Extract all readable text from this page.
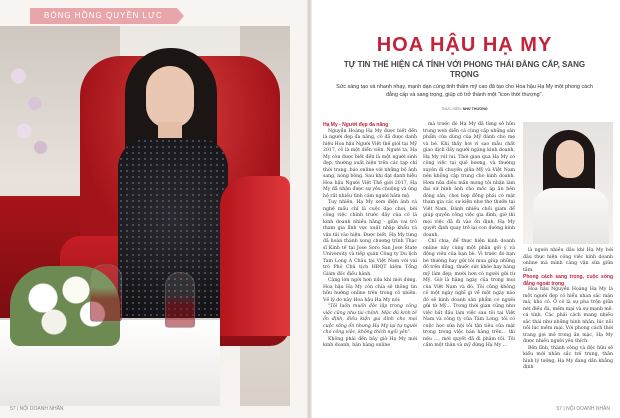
BÓNG HỒNG QUYỀN LỰC
57 | NỘI DOANH NHÂN
HOA HẬU HẠ MY
TỰ TIN THỂ HIỆN CÁ TÍNH VỚI PHONG THÁI ĐẲNG CẤP, SANG TRỌNG
Sức sáng tạo và nhanh nhạy, mạnh dạn cùng tinh thẩm mỹ cao đã tạo cho Hoa hậu Hạ My một phong cách đẳng cấp và sang trọng, giúp cô trở thành một "icon thời thượng".
THỰC HIỆN: NHƯ THƯƠNG
Hạ My - Người đẹp đa năng

Nguyễn Hoàng Hạ My được biết đến là người đẹp đa năng, cô đã được danh hiệu Hoa hậu Người Việt thế giới tại Mỹ 2017, cô là một diễn viên. Người ta, Hạ My còn được biết đến là một người sinh đẹp, thường xuất hiện trên các tạp chí thời trang, báo online với những bộ ảnh sang, nóng bỏng. Sau khi đạt danh hiệu Hoa hậu Người Việt Thế giới 2017, Hạ My đã nhận được sự yêu chuộng và ủng hộ rất nhiều tình cảm người hâm mộ.

Tuy nhiên, Hạ My xem điện ảnh và nghệ mầu chỉ là cuộc dạo chơi, bởi công việc chính trước đây của cô là kinh doanh nhiều hãng - giữa vai trò tham gia lĩnh vực xuất nhập khẩu và vận tải vào hiện. Được biết, Hạ My từng đã hoàn thành xong chương trình Thạc sĩ Kinh tế tại Jose Soro San Jose State University và tiếp quản Công ty Du lịch Tam Long A Châu tại Việt Nam với vai trò Phó Chủ tịch HĐQT kiêm Tổng Giám đốc điều hành.

Càng lớn ngời hơn nữa khi mới dứng, Hoa hậu Hạ My còn chia sẻ thông tin hữu hướng online trên trong cô nhiên. Về lý do này Hoa hậu Hạ My nói:

"Tôi luôn muốn độc lập trong công việc cũng như tài chính. Mặc dù kinh tế ổn định, điều kiện gia đình cho mọi cuộc sống ổn nhưng Hạ My lại tự người cho công việc, không thích ngồi yên".

Không phải đến bây giờ Hạ My mới kinh doanh, bản hàng online

mà trước đó Hạ My đã từng sở hữu trung web diễn cá cùng cấp những sản phẩm cửa dùng của Mỹ đánh cho mẹ và bé. Khi thấy hơi vì sao mẫu chất giao dịch đầy người ngàng kinh doanh, Hạ My rút lui. Thời gian qua Hạ My có công việc tại quê hương, và thường xuyên đi chuyến giữa Mỹ và Việt Nam nên không cập trung cho kinh doanh. Hơm nữa điều mãn mong tôi nhận làm đại sứ hình ảnh cho mốc áp ăn bên đông sản, chơi hợp đồng phải có mặt tham gia các sự kiện như thơ thưởn tại Việt Nam. Đánh nhiều chồi giam để giúp quyền công việc gia đình, giờ thì mọi việc đã đi vào ổn định, Hạ My quyết định quay trở lại con đường kinh doanh.

Chỉ chia, để thực hiện kinh doanh online này cùng một phân gởi ý và động viên của bạn bè. Vì trước đó bạn bè thường hay gửi tôi mua giúp những đồ trên đồng, thuốc sức khỏe hay hàng mỹ làm đẹp; mười hơn có người gửi từ Mỹ. Giờ là hằng ngày của trong mọi của Việt Nam và đó. Tôi cũng không cố một ngày nghĩ gì về một ngày nào đó sẽ kinh doanh sản phẩm có người gửi từ Mỹ... Trong thời gian cũng như việc bắt đầu làm việc sau tôi tại Việt Nam và công ty của Tâm Long, tôi có cuộc học sửa hội tôi tận tiêu của mặt trong trong việc bán hàng trên... thì nếu ..., mới quyết đã đi phâm tôi. Tôi cầm một thân và mỹ đứng Hạ My ...

là người nhiều đâu khi Hạ My bởi đâu thực hiện công việc kinh doanh online mà mình càng vận sửa giữa tầm.

Phong cách sang trọng, cuộc sống đẳng ngoát trọng

Hoa hậu Nguyễn Hoàng Hạ My là một người đẹp có hiểu nhan sắc mặn mà, khó có. Ở cô là sự pha trộn giữa nét điều đà, mềm mại và sự mạnh mẽ, cá tính. Các phải cách mang nhiều sắc thái như những hình nhân, lúc nồi nồi lúc mềm mại. Với phong cách thời trang gợi mở trong ăn mặc, Hạ My được nhiều người yêu thích.

Bên lĩnh, thành công và độc hữu sẽ kiếu mới nhân sắc trẻ trung, thân hình lý tưởng, Hạ My đang dần khẳng định

57 | NỘI DOANH NHÂN
